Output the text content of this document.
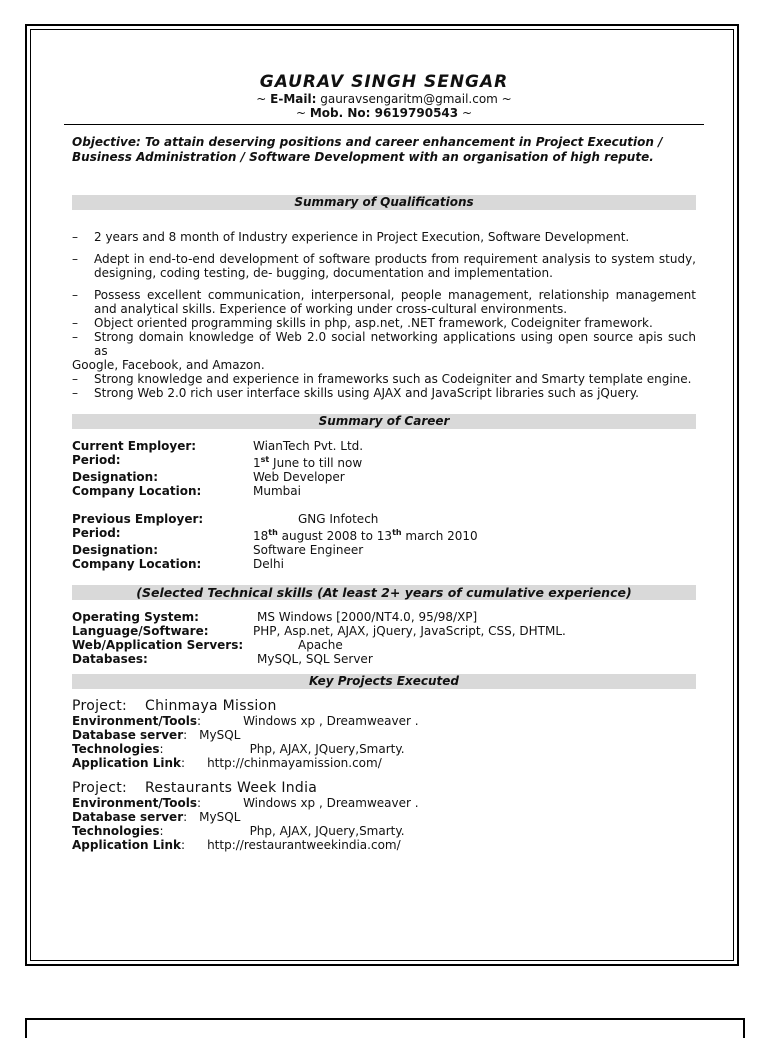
GAURAV SINGH SENGAR
~ E-Mail: gauravsengaritm@gmail.com ~
~ Mob. No: 9619790543 ~
Objective: To attain deserving positions and career enhancement in Project Execution / Business Administration / Software Development with an organisation of high repute.
Summary of Qualifications
– 2 years and 8 month of Industry experience in Project Execution, Software Development.
– Adept in end-to-end development of software products from requirement analysis to system study, designing, coding testing, de- bugging, documentation and implementation.
– Possess excellent communication, interpersonal, people management, relationship management and analytical skills. Experience of working under cross-cultural environments.
– Object oriented programming skills in php, asp.net, .NET framework, Codeigniter framework.
– Strong domain knowledge of Web 2.0 social networking applications using open source apis such as
Google, Facebook, and Amazon.
– Strong knowledge and experience in frameworks such as Codeigniter and Smarty template engine.
– Strong Web 2.0 rich user interface skills using AJAX and JavaScript libraries such as jQuery.
Summary of Career
Current Employer:	WianTech Pvt. Ltd.
Period:	1st June to till now
Designation:	Web Developer
Company Location:	Mumbai
Previous Employer:	GNG Infotech
Period:	18th august 2008 to 13th march 2010
Designation:	Software Engineer
Company Location:	Delhi
(Selected Technical skills (At least 2+ years of cumulative experience)
Operating System:	MS Windows [2000/NT4.0, 95/98/XP]
Language/Software:	PHP, Asp.net, AJAX, jQuery, JavaScript, CSS, DHTML.
Web/Application Servers:	Apache
Databases:	MySQL, SQL Server
Key Projects Executed
Project: Chinmaya Mission
Environment/Tools:	Windows xp , Dreamweaver .
Database server: MySQL
Technologies:	Php, AJAX, JQuery,Smarty.
Application Link: http://chinmayamission.com/
Project: Restaurants Week India
Environment/Tools:	Windows xp , Dreamweaver .
Database server: MySQL
Technologies:	Php, AJAX, JQuery,Smarty.
Application Link: http://restaurantweekindia.com/
